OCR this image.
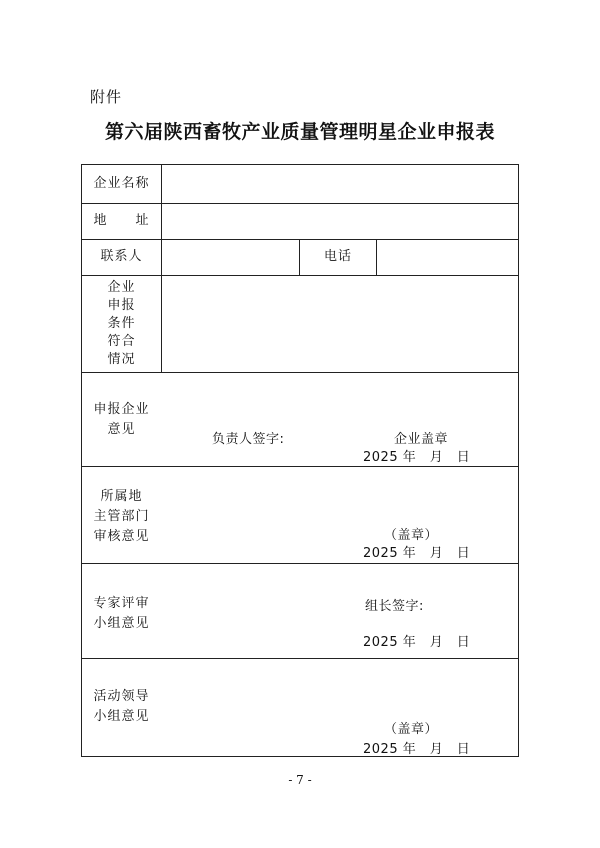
附件
第六届陕西畜牧产业质量管理明星企业申报表
企业名称
地　　址
联系人	电话
企业
申报
条件
符合
情况
申报企业
意见
负责人签字:	企业盖章
2025 年　月　日
所属地
主管部门
审核意见	（盖章）
2025 年　月　日
专家评审
小组意见
组长签字:
2025 年　月　日
活动领导
小组意见
（盖章）
2025 年　月　日
- 7 -
